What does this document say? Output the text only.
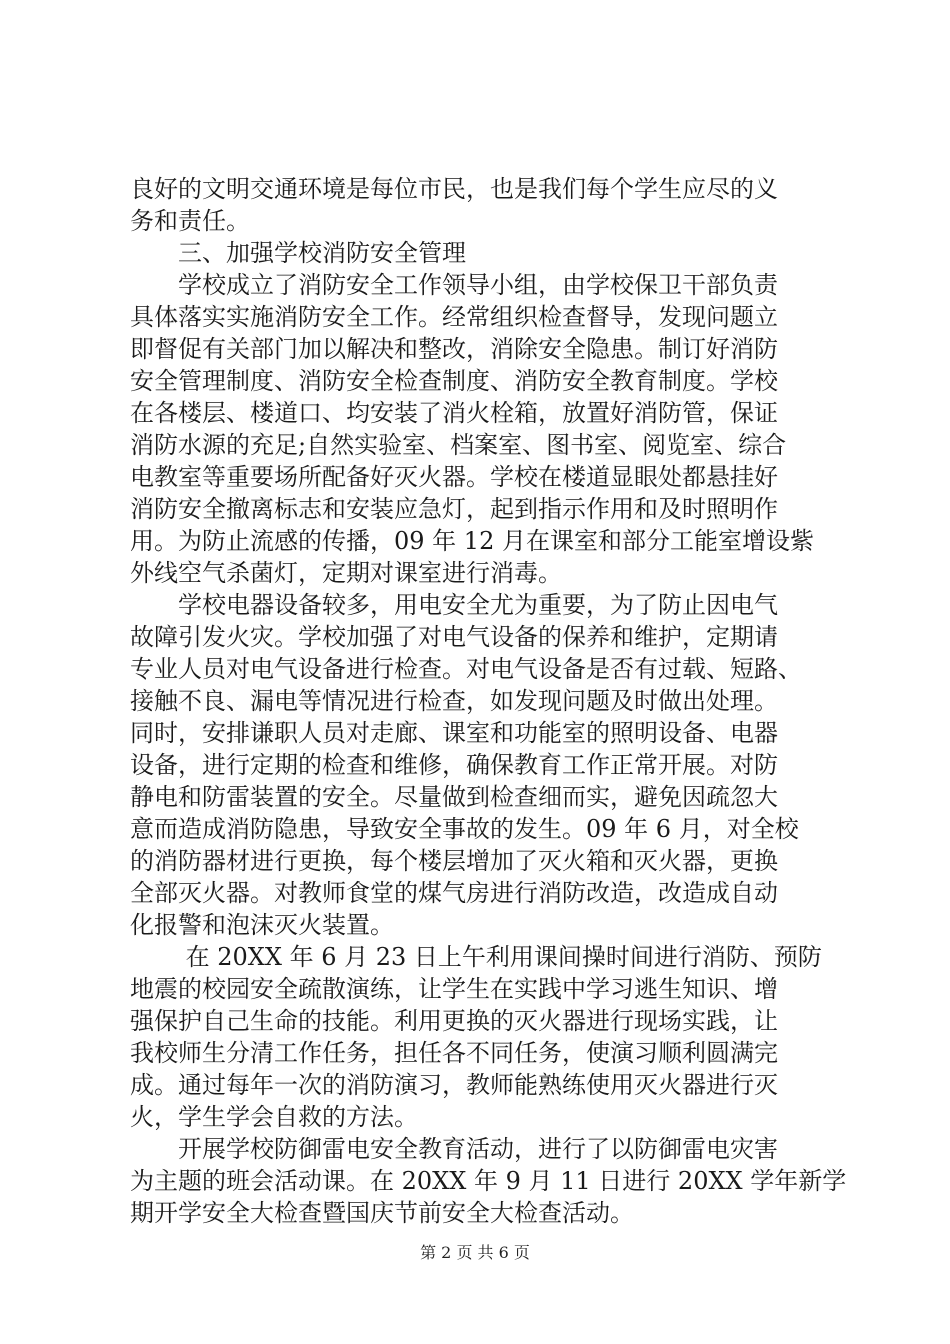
良好的文明交通环境是每位市民，也是我们每个学生应尽的义

务和责任。

　　三、加强学校消防安全管理

　　学校成立了消防安全工作领导小组，由学校保卫干部负责

具体落实实施消防安全工作。经常组织检查督导，发现问题立

即督促有关部门加以解决和整改，消除安全隐患。制订好消防

安全管理制度、消防安全检查制度、消防安全教育制度。学校

在各楼层、楼道口、均安装了消火栓箱，放置好消防管，保证

消防水源的充足;自然实验室、档案室、图书室、阅览室、综合

电教室等重要场所配备好灭火器。学校在楼道显眼处都悬挂好

消防安全撤离标志和安装应急灯，起到指示作用和及时照明作

用。为防止流感的传播，09 年 12 月在课室和部分工能室增设紫

外线空气杀菌灯，定期对课室进行消毒。

　　学校电器设备较多，用电安全尤为重要，为了防止因电气

故障引发火灾。学校加强了对电气设备的保养和维护，定期请

专业人员对电气设备进行检查。对电气设备是否有过载、短路、

接触不良、漏电等情况进行检查，如发现问题及时做出处理。

同时，安排谦职人员对走廊、课室和功能室的照明设备、电器

设备，进行定期的检查和维修，确保教育工作正常开展。对防

静电和防雷装置的安全。尽量做到检查细而实，避免因疏忽大

意而造成消防隐患，导致安全事故的发生。09 年 6 月，对全校

的消防器材进行更换，每个楼层增加了灭火箱和灭火器，更换

全部灭火器。对教师食堂的煤气房进行消防改造，改造成自动

化报警和泡沫灭火装置。

　　 在 20XX 年 6 月 23 日上午利用课间操时间进行消防、预防

地震的校园安全疏散演练，让学生在实践中学习逃生知识、增

强保护自己生命的技能。利用更换的灭火器进行现场实践，让

我校师生分清工作任务，担任各不同任务，使演习顺利圆满完

成。通过每年一次的消防演习，教师能熟练使用灭火器进行灭

火，学生学会自救的方法。

　　开展学校防御雷电安全教育活动，进行了以防御雷电灾害

为主题的班会活动课。在 20XX 年 9 月 11 日进行 20XX 学年新学

期开学安全大检查暨国庆节前安全大检查活动。

第 2 页 共 6 页
